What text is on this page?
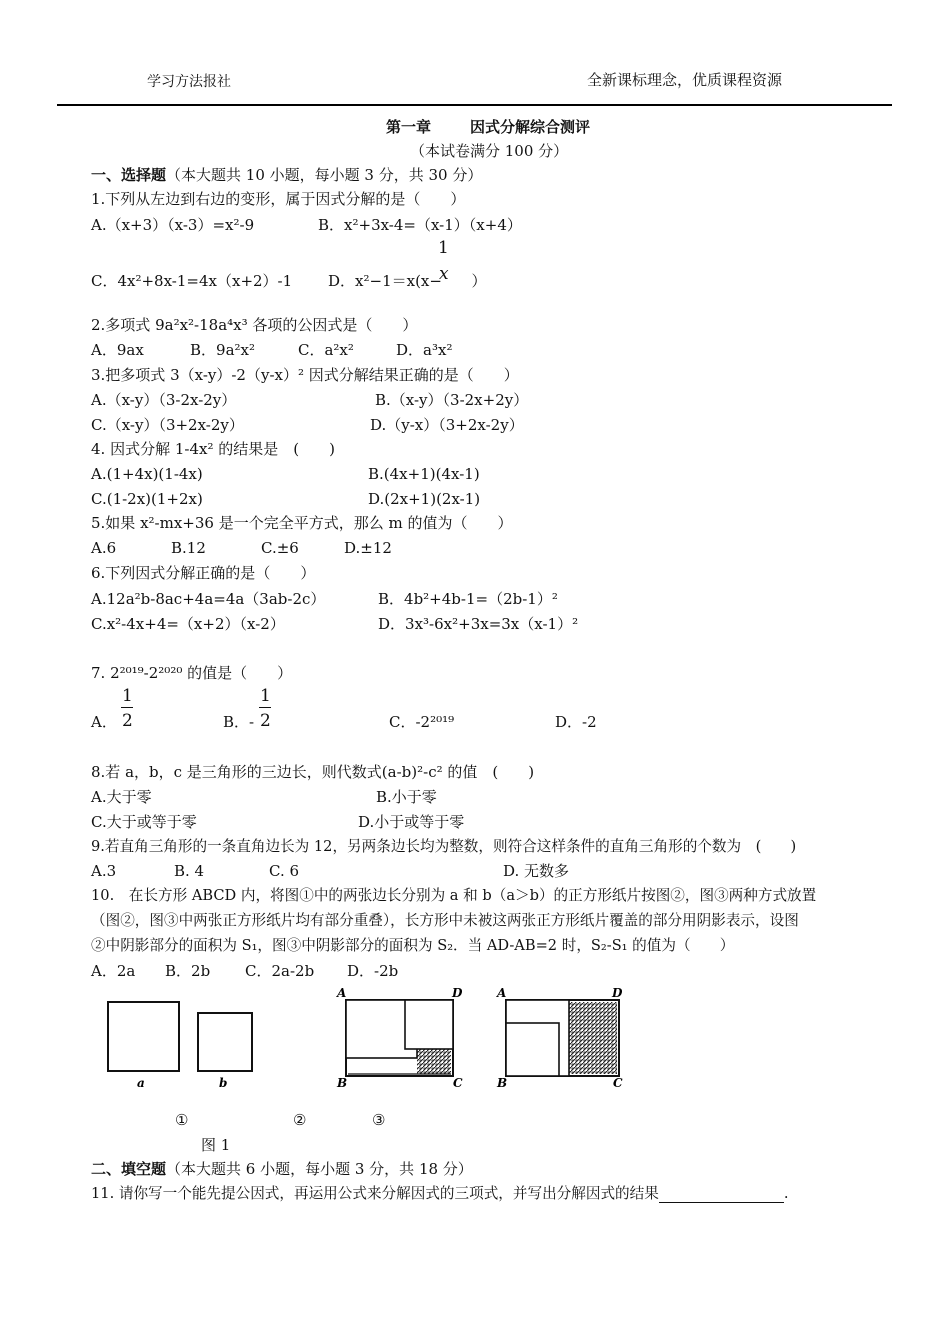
学习方法报社	全新课标理念，优质课程资源
第一章	因式分解综合测评
（本试卷满分 100 分）
一、选择题（本大题共 10 小题，每小题 3 分，共 30 分）
1.下列从左边到右边的变形，属于因式分解的是（　　）
A.（x+3）（x-3）=x²-9	B．x²+3x-4=（x-1）（x+4）
C．4x²+8x-1=4x（x+2）-1 D．x²−1＝x(x− ）
1
x
2.多项式 9a²x²-18a⁴x³ 各项的公因式是（　　）
A．9ax	B．9a²x²	C．a²x²	D．a³x²
3.把多项式 3（x-y）-2（y-x）² 因式分解结果正确的是（　　）
A.（x-y）（3-2x-2y）	B.（x-y）（3-2x+2y）
C.（x-y）（3+2x-2y）	D.（y-x）（3+2x-2y）
4. 因式分解 1-4x² 的结果是　(　　)
A.(1+4x)(1-4x)	B.(4x+1)(4x-1)
C.(1-2x)(1+2x)	D.(2x+1)(2x-1)
5.如果 x²-mx+36 是一个完全平方式，那么 m 的值为（　　）
A.6	B.12	C.±6	D.±12
6.下列因式分解正确的是（　　）
A.12a²b-8ac+4a=4a（3ab-2c）	B．4b²+4b-1=（2b-1）²
C.x²-4x+4=（x+2）（x-2）	D．3x³-6x²+3x=3x（x-1）²
7. 2²⁰¹⁹-2²⁰²⁰ 的值是（　　）
A．
1
2	B．-
1
2	C．-2²⁰¹⁹	D．-2
8.若 a，b，c 是三角形的三边长，则代数式(a-b)²-c² 的值　(　　)
A.大于零	B.小于零
C.大于或等于零	D.小于或等于零
9.若直角三角形的一条直角边长为 12，另两条边长均为整数，则符合这样条件的直角三角形的个数为　(　　)
A.3	B. 4	C. 6	D. 无数多
10.　在长方形 ABCD 内，将图①中的两张边长分别为 a 和 b（a＞b）的正方形纸片按图②，图③两种方式放置
（图②，图③中两张正方形纸片均有部分重叠），长方形中未被这两张正方形纸片覆盖的部分用阴影表示，设图
②中阴影部分的面积为 S₁，图③中阴影部分的面积为 S₂．当 AD-AB=2 时，S₂-S₁ 的值为（　　）
A．2a B．2b C．2a-2b D．-2b
a	b
A	D
B	C
A	D
B	C
①	②	③
图 1
二、填空题（本大题共 6 小题，每小题 3 分，共 18 分）
11. 请你写一个能先提公因式，再运用公式来分解因式的三项式，并写出分解因式的结果	.
